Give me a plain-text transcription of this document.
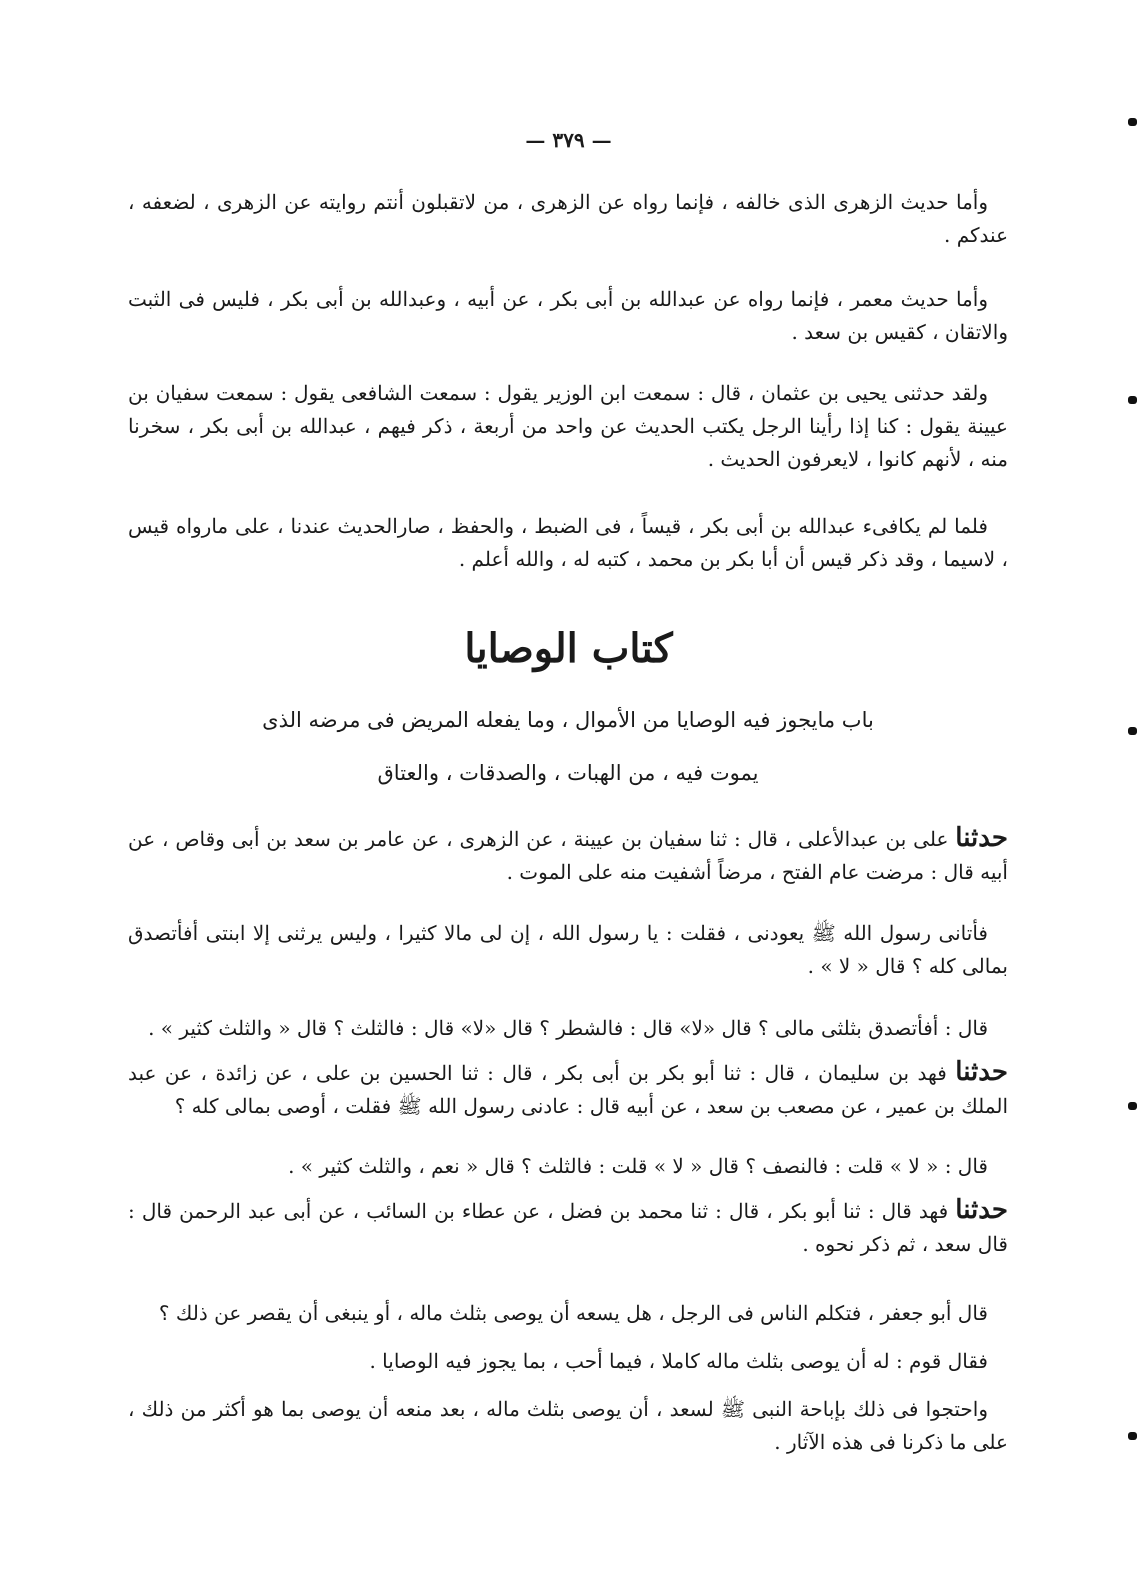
— ٣٧٩ —

وأما حديث الزهرى الذى خالفه ، فإنما رواه عن الزهرى ، من لاتقبلون أنتم روايته عن الزهرى ، لضعفه ، عندكم .

وأما حديث معمر ، فإنما رواه عن عبدالله بن أبى بكر ، عن أبيه ، وعبدالله بن أبى بكر ، فليس فى الثبت والاتقان ، كقيس بن سعد .

ولقد حدثنى يحيى بن عثمان ، قال : سمعت ابن الوزير يقول : سمعت الشافعى يقول : سمعت سفيان بن عيينة يقول : كنا إذا رأينا الرجل يكتب الحديث عن واحد من أربعة ، ذكر فيهم ، عبدالله بن أبى بكر ، سخرنا منه ، لأنهم كانوا ، لايعرفون الحديث .

فلما لم يكافىء عبدالله بن أبى بكر ، قيساً ، فى الضبط ، والحفظ ، صارالحديث عندنا ، على مارواه قيس ، لاسيما ، وقد ذكر قيس أن أبا بكر بن محمد ، كتبه له ، والله أعلم .

كتاب الوصايا

باب مايجوز فيه الوصايا من الأموال ، وما يفعله المريض فى مرضه الذى

يموت فيه ، من الهبات ، والصدقات ، والعتاق

حدثنا على بن عبدالأعلى ، قال : ثنا سفيان بن عيينة ، عن الزهرى ، عن عامر بن سعد بن أبى وقاص ، عن أبيه قال : مرضت عام الفتح ، مرضاً أشفيت منه على الموت .

فأتانى رسول الله ﷺ يعودنى ، فقلت : يا رسول الله ، إن لى مالا كثيرا ، وليس يرثنى إلا ابنتى أفأتصدق بمالى كله ؟ قال « لا » .

قال : أفأتصدق بثلثى مالى ؟ قال «لا» قال : فالشطر ؟ قال «لا» قال : فالثلث ؟ قال « والثلث كثير » .

حدثنا فهد بن سليمان ، قال : ثنا أبو بكر بن أبى بكر ، قال : ثنا الحسين بن على ، عن زائدة ، عن عبد الملك بن عمير ، عن مصعب بن سعد ، عن أبيه قال : عادنى رسول الله ﷺ فقلت ، أوصى بمالى كله ؟

قال : « لا » قلت : فالنصف ؟ قال « لا » قلت : فالثلث ؟ قال « نعم ، والثلث كثير » .

حدثنا فهد قال : ثنا أبو بكر ، قال : ثنا محمد بن فضل ، عن عطاء بن السائب ، عن أبى عبد الرحمن قال : قال سعد ، ثم ذكر نحوه .

قال أبو جعفر ، فتكلم الناس فى الرجل ، هل يسعه أن يوصى بثلث ماله ، أو ينبغى أن يقصر عن ذلك ؟

فقال قوم : له أن يوصى بثلث ماله كاملا ، فيما أحب ، بما يجوز فيه الوصايا .

واحتجوا فى ذلك بإباحة النبى ﷺ لسعد ، أن يوصى بثلث ماله ، بعد منعه أن يوصى بما هو أكثر من ذلك ، على ما ذكرنا فى هذه الآثار .
